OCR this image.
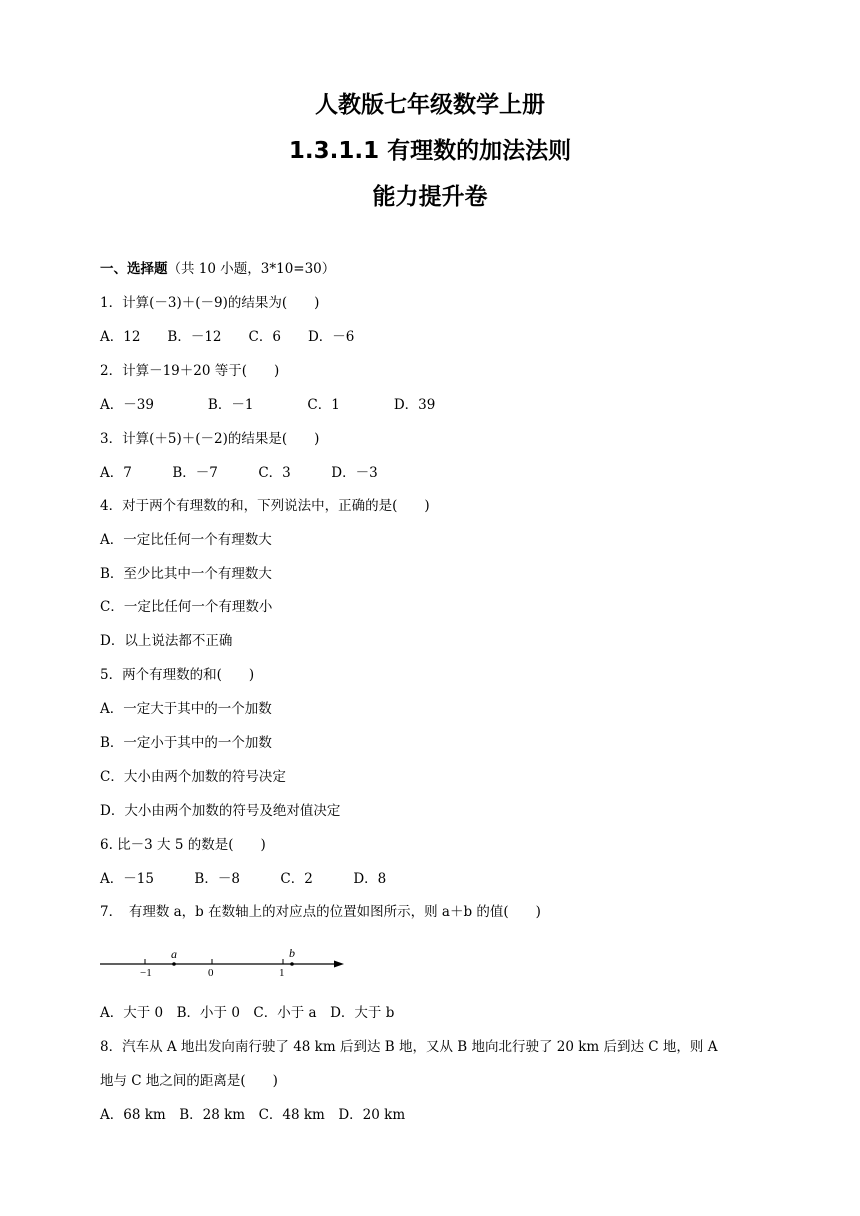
人教版七年级数学上册
1.3.1.1 有理数的加法法则
能力提升卷
一、选择题（共 10 小题，3*10=30）
1．计算(－3)＋(－9)的结果为(　　)
A．12　　B．－12　　C．6　　D．－6
2．计算－19＋20 等于(　　)
A．－39　　　　B．－1　　　　C．1　　　　D．39
3．计算(＋5)＋(－2)的结果是(　　)
A．7　　　B．－7　　　C．3　　　D．－3
4．对于两个有理数的和，下列说法中，正确的是(　　)
A．一定比任何一个有理数大
B．至少比其中一个有理数大
C．一定比任何一个有理数小
D．以上说法都不正确
5．两个有理数的和(　　)
A．一定大于其中的一个加数
B．一定小于其中的一个加数
C．大小由两个加数的符号决定
D．大小由两个加数的符号及绝对值决定
6. 比－3 大 5 的数是(　　)
A．－15　　　B．－8　　　C．2　　　D．8
7．　有理数 a，b 在数轴上的对应点的位置如图所示，则 a＋b 的值(　　)
−1	0	1
a	b
A．大于 0　B．小于 0　C．小于 a　D．大于 b
8．汽车从 A 地出发向南行驶了 48 km 后到达 B 地，又从 B 地向北行驶了 20 km 后到达 C 地，则 A
地与 C 地之间的距离是(　　)
A．68 km　B．28 km　C．48 km　D．20 km
